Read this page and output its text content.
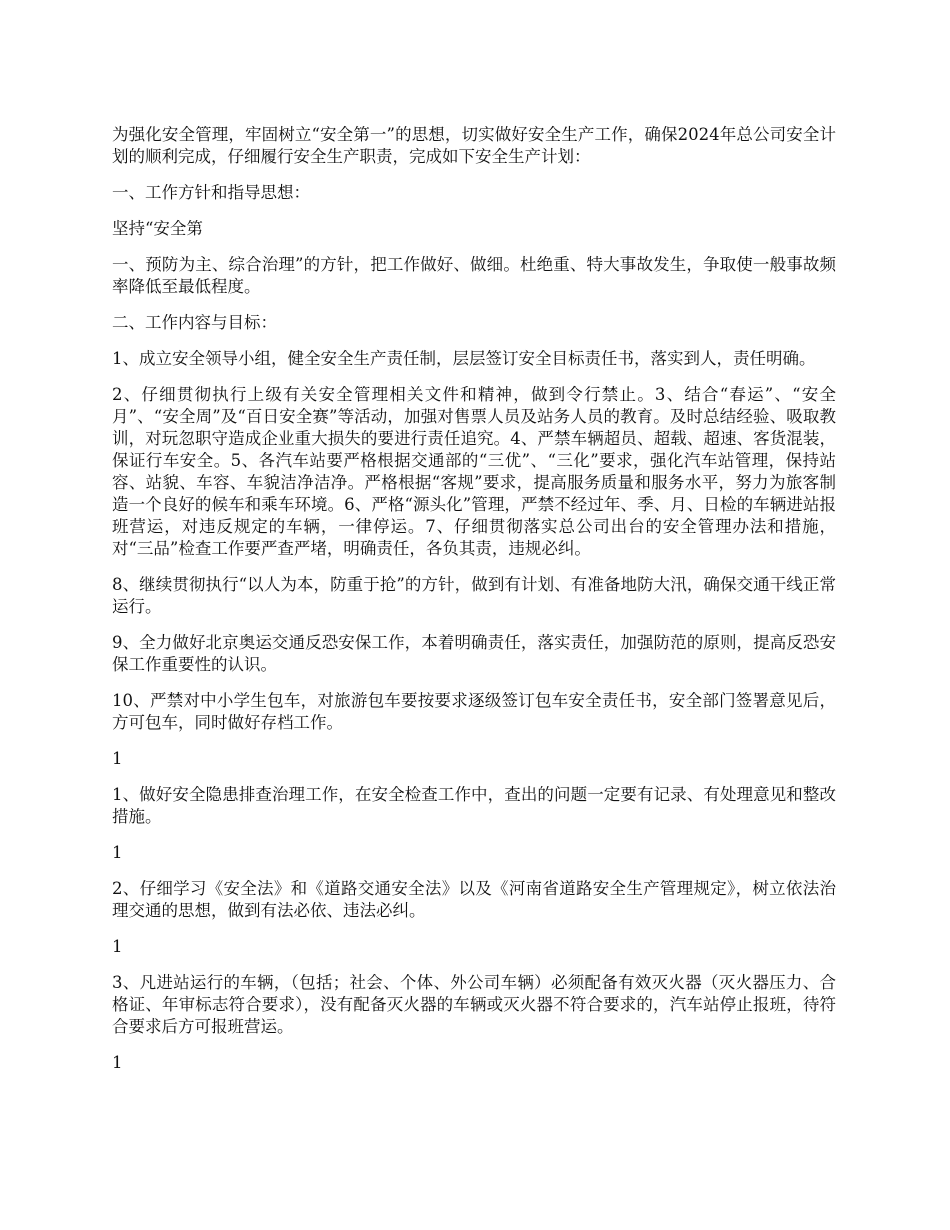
为强化安全管理，牢固树立“安全第一”的思想，切实做好安全生产工作，确保2024年总公司安全计划的顺利完成，仔细履行安全生产职责，完成如下安全生产计划：

一、工作方针和指导思想：

坚持“安全第

一、预防为主、综合治理”的方针，把工作做好、做细。杜绝重、特大事故发生，争取使一般事故频率降低至最低程度。

二、工作内容与目标：

1、成立安全领导小组，健全安全生产责任制，层层签订安全目标责任书，落实到人，责任明确。

2、仔细贯彻执行上级有关安全管理相关文件和精神，做到令行禁止。3、结合“春运”、“安全月”、“安全周”及“百日安全赛”等活动，加强对售票人员及站务人员的教育。及时总结经验、吸取教训，对玩忽职守造成企业重大损失的要进行责任追究。4、严禁车辆超员、超载、超速、客货混装，保证行车安全。5、各汽车站要严格根据交通部的“三优”、“三化”要求，强化汽车站管理，保持站容、站貌、车容、车貌洁净洁净。严格根据“客规”要求，提高服务质量和服务水平，努力为旅客制造一个良好的候车和乘车环境。6、严格“源头化”管理，严禁不经过年、季、月、日检的车辆进站报班营运，对违反规定的车辆，一律停运。7、仔细贯彻落实总公司出台的安全管理办法和措施，对“三品”检查工作要严查严堵，明确责任，各负其责，违规必纠。

8、继续贯彻执行“以人为本，防重于抢”的方针，做到有计划、有准备地防大汛，确保交通干线正常运行。

9、全力做好北京奥运交通反恐安保工作，本着明确责任，落实责任，加强防范的原则，提高反恐安保工作重要性的认识。

10、严禁对中小学生包车，对旅游包车要按要求逐级签订包车安全责任书，安全部门签署意见后，方可包车，同时做好存档工作。

1

1、做好安全隐患排查治理工作，在安全检查工作中，查出的问题一定要有记录、有处理意见和整改措施。

1

2、仔细学习《安全法》和《道路交通安全法》以及《河南省道路安全生产管理规定》，树立依法治理交通的思想，做到有法必依、违法必纠。

1

3、凡进站运行的车辆，（包括；社会、个体、外公司车辆）必须配备有效灭火器（灭火器压力、合格证、年审标志符合要求），没有配备灭火器的车辆或灭火器不符合要求的，汽车站停止报班，待符合要求后方可报班营运。

1
